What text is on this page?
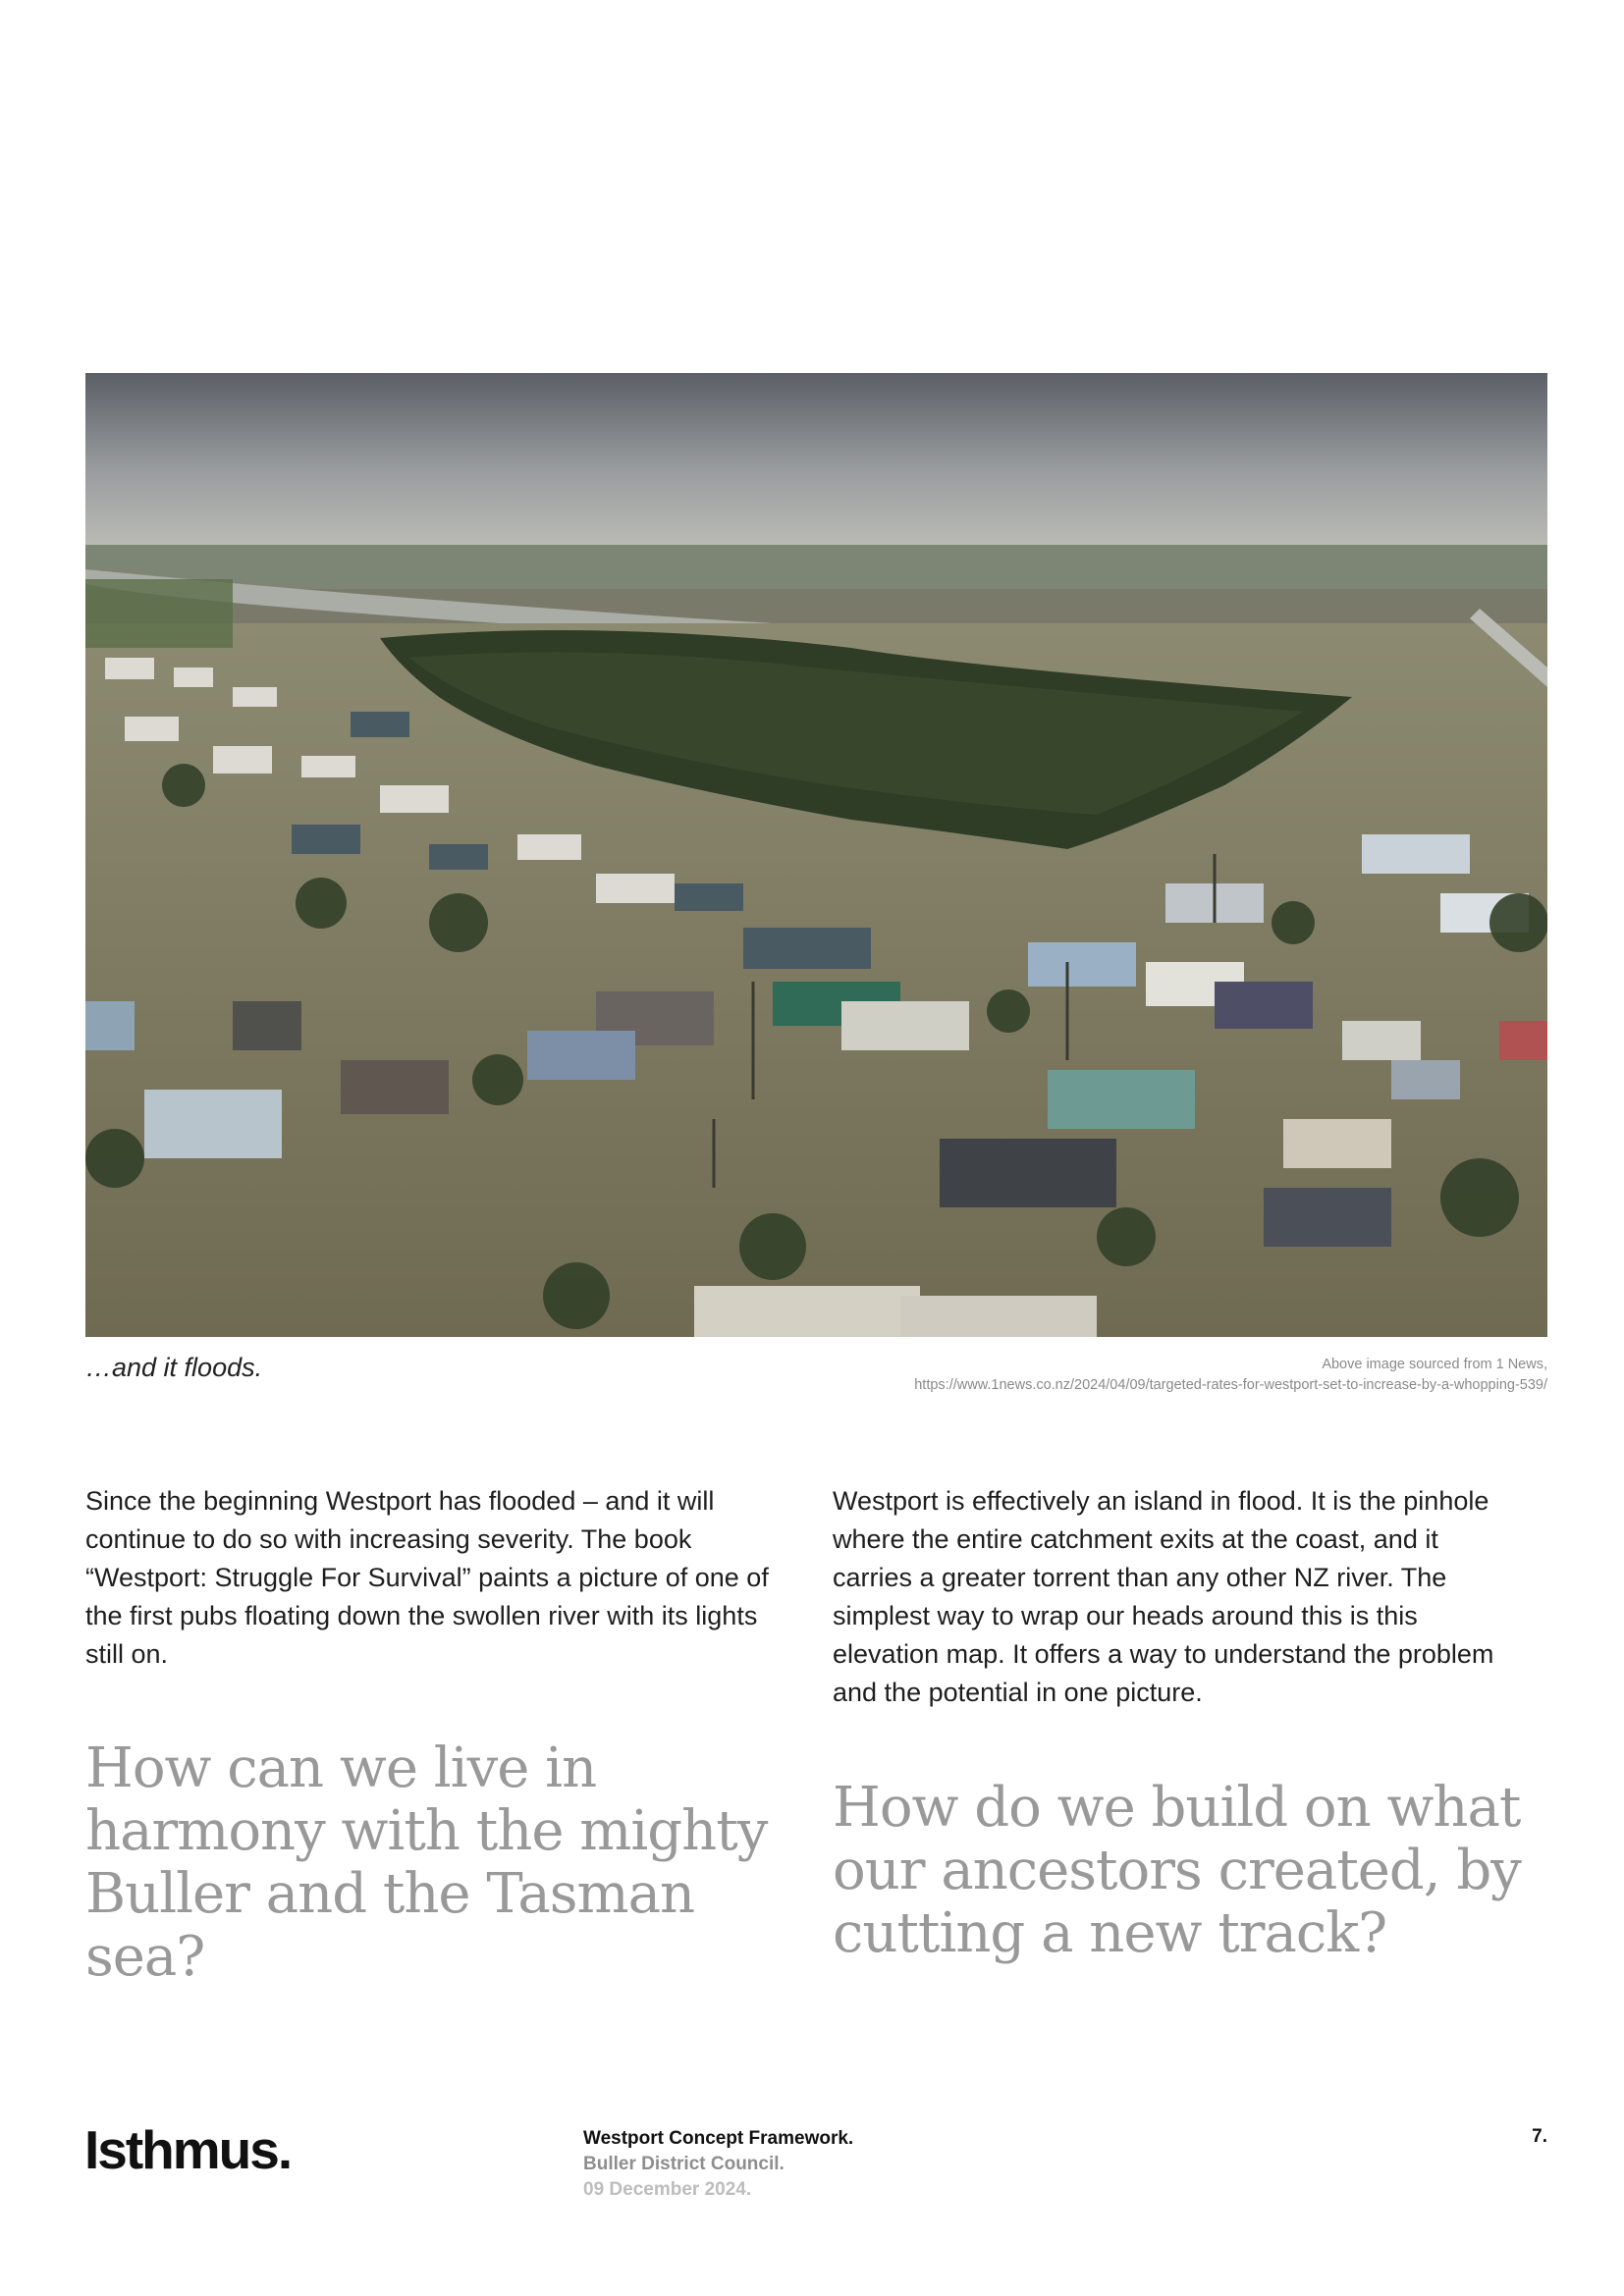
…and it floods.	Above image sourced from 1 News,
https://www.1news.co.nz/2024/04/09/targeted-rates-for-westport-set-to-increase-by-a-whopping-539/

Since the beginning Westport has flooded – and it will continue to do so with increasing severity. The book “Westport: Struggle For Survival” paints a picture of one of the first pubs floating down the swollen river with its lights still on.

How can we live in harmony with the mighty Buller and the Tasman sea?

Westport is effectively an island in flood. It is the pinhole where the entire catchment exits at the coast, and it carries a greater torrent than any other NZ river. The simplest way to wrap our heads around this is this elevation map. It offers a way to understand the problem and the potential in one picture.

How do we build on what our ancestors created, by cutting a new track?

Isthmus.	Westport Concept Framework.
Buller District Council.
09 December 2024.
7.
